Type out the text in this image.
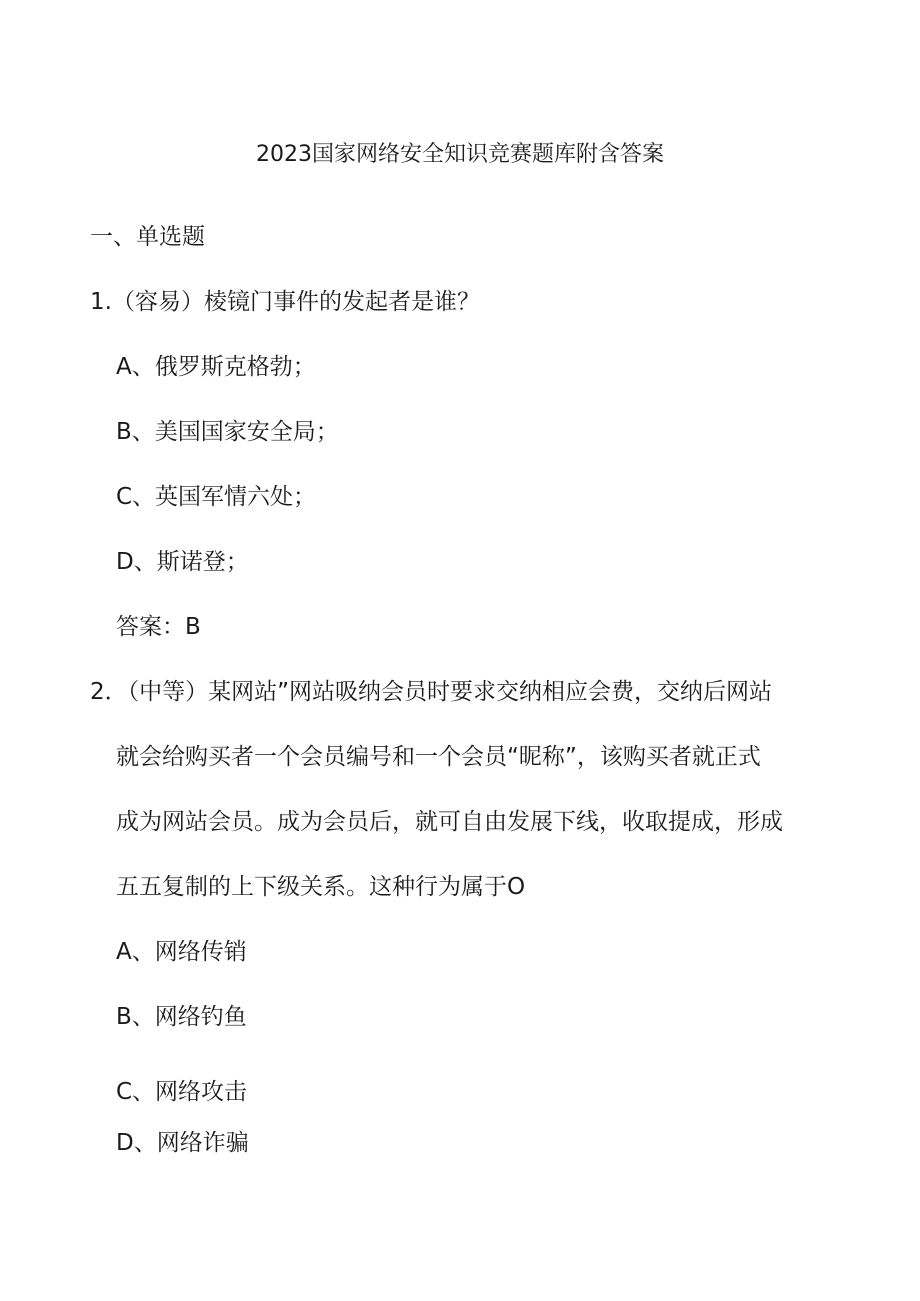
2023国家网络安全知识竞赛题库附含答案
一、单选题
1.（容易）棱镜门事件的发起者是谁？
A、俄罗斯克格勃；
B、美国国家安全局；
C、英国军情六处；
D、斯诺登；
答案：B
2．（中等）某网站”网站吸纳会员时要求交纳相应会费，交纳后网站
就会给购买者一个会员编号和一个会员“昵称”，该购买者就正式
成为网站会员。成为会员后，就可自由发展下线，收取提成，形成
五五复制的上下级关系。这种行为属于O
A、网络传销
B、网络钓鱼
C、网络攻击
D、网络诈骗
